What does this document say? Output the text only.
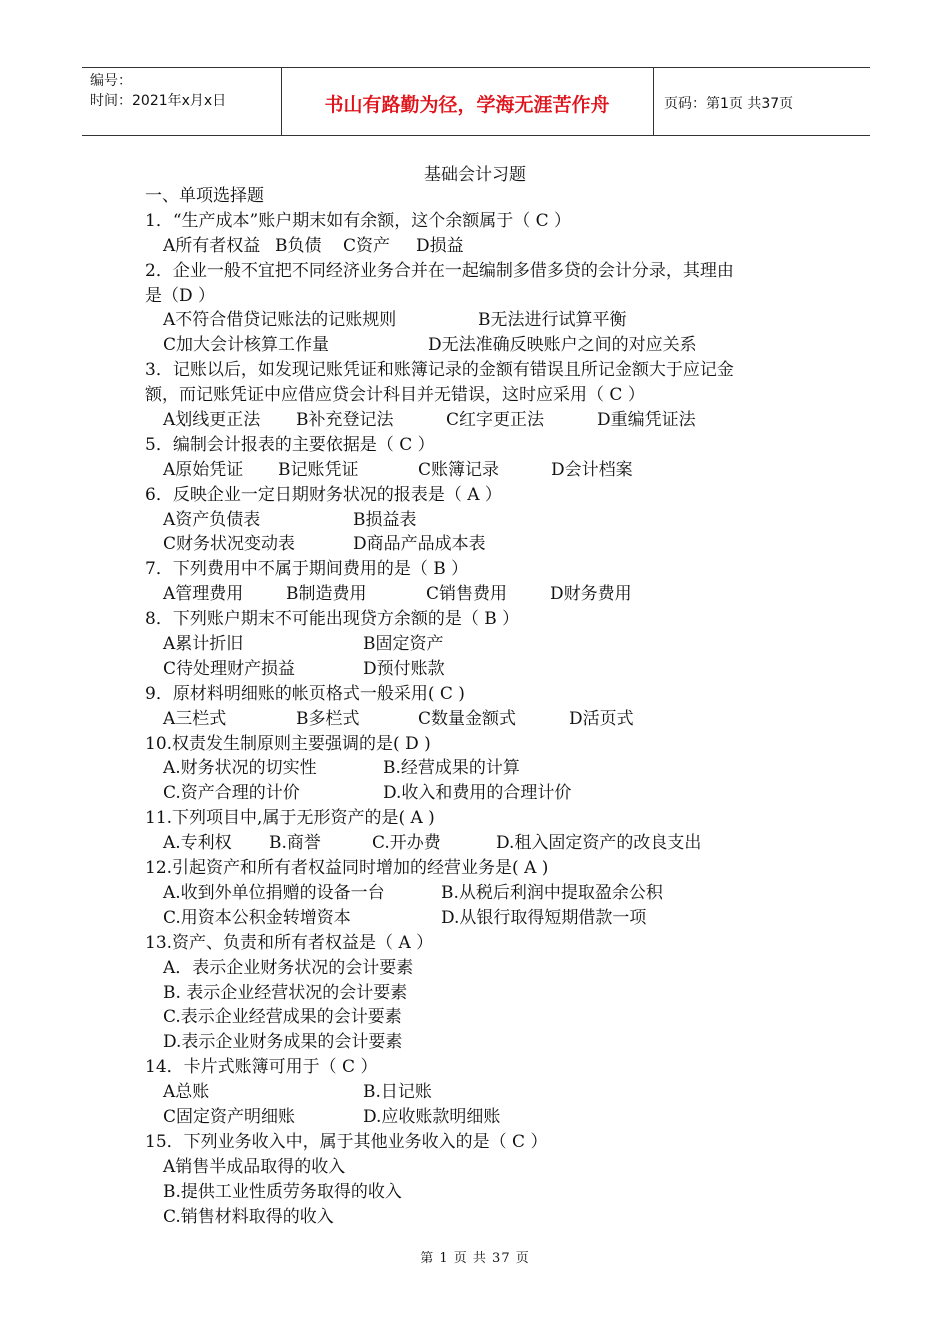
编号：
时间：2021年x月x日	书山有路勤为径，学海无涯苦作舟	页码：第1页 共37页
基础会计习题
一、单项选择题
1．“生产成本”账户期末如有余额，这个余额属于（ C ）
A所有者权益 B负债 C资产 D损益
2．企业一般不宜把不同经济业务合并在一起编制多借多贷的会计分录，其理由
是（D ）
A不符合借贷记账法的记账规则	B无法进行试算平衡
C加大会计核算工作量	D无法准确反映账户之间的对应关系
3．记账以后，如发现记账凭证和账簿记录的金额有错误且所记金额大于应记金
额，而记账凭证中应借应贷会计科目并无错误，这时应采用（ C ）
A划线更正法 B补充登记法	C红字更正法	D重编凭证法
5．编制会计报表的主要依据是（ C ）
A原始凭证 B记账凭证	C账簿记录	D会计档案
6．反映企业一定日期财务状况的报表是（ A ）
A资产负债表	B损益表
C财务状况变动表	D商品产品成本表
7．下列费用中不属于期间费用的是（ B ）
A管理费用	B制造费用	C销售费用	D财务费用
8．下列账户期末不可能出现贷方余额的是（ B ）
A累计折旧	B固定资产
C待处理财产损益	D预付账款
9．原材料明细账的帐页格式一般采用( C )
A三栏式	B多栏式	C数量金额式	D活页式
10.权责发生制原则主要强调的是( D )
A.财务状况的切实性	B.经营成果的计算
C.资产合理的计价	D.收入和费用的合理计价
11.下列项目中,属于无形资产的是( A )
A.专利权 B.商誉	C.开办费	D.租入固定资产的改良支出
12.引起资产和所有者权益同时增加的经营业务是( A )
A.收到外单位捐赠的设备一台	B.从税后利润中提取盈余公积
C.用资本公积金转增资本	D.从银行取得短期借款一项
13.资产、负责和所有者权益是（ A ）
A．表示企业财务状况的会计要素
B. 表示企业经营状况的会计要素
C.表示企业经营成果的会计要素
D.表示企业财务成果的会计要素
14．卡片式账簿可用于（ C ）
A总账	B.日记账
C固定资产明细账	D.应收账款明细账
15．下列业务收入中，属于其他业务收入的是（ C ）
A销售半成品取得的收入
B.提供工业性质劳务取得的收入
C.销售材料取得的收入
第 1 页 共 37 页
